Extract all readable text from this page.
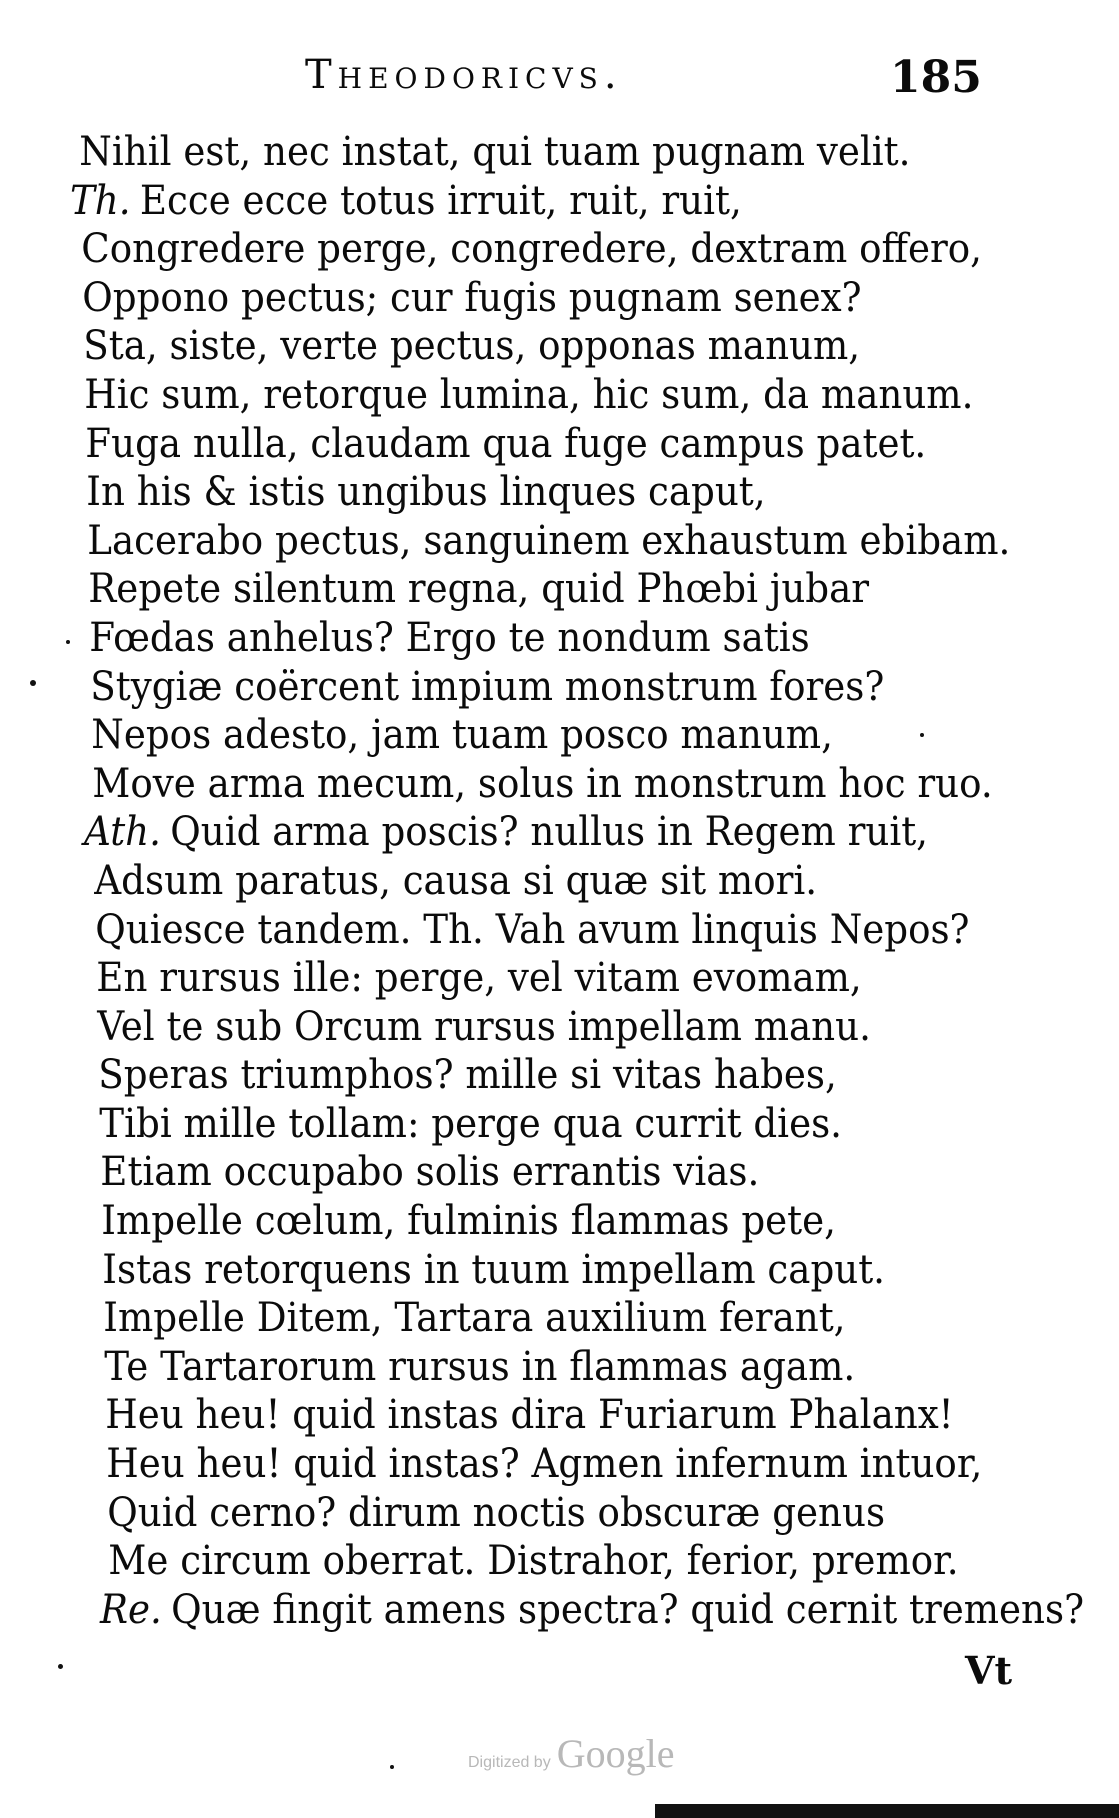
Theodoricvs.	185
Nihil est, nec instat, qui tuam pugnam velit.
Th. Ecce ecce totus irruit, ruit, ruit,
Congredere perge, congredere, dextram offero,
Oppono pectus; cur fugis pugnam senex?
Sta, siste, verte pectus, opponas manum,
Hic sum, retorque lumina, hic sum, da manum.
Fuga nulla, claudam qua fuge campus patet.
In his & istis ungibus linques caput,
Lacerabo pectus, sanguinem exhaustum ebibam.
Repete silentum regna, quid Phœbi jubar
Fœdas anhelus? Ergo te nondum satis
Stygiæ coërcent impium monstrum fores?
Nepos adesto, jam tuam posco manum,
Move arma mecum, solus in monstrum hoc ruo.
Ath. Quid arma poscis? nullus in Regem ruit,
Adsum paratus, causa si quæ sit mori.
Quiesce tandem. Th. Vah avum linquis Nepos?
En rursus ille: perge, vel vitam evomam,
Vel te sub Orcum rursus impellam manu.
Speras triumphos? mille si vitas habes,
Tibi mille tollam: perge qua currit dies.
Etiam occupabo solis errantis vias.
Impelle cœlum, fulminis flammas pete,
Istas retorquens in tuum impellam caput.
Impelle Ditem, Tartara auxilium ferant,
Te Tartarorum rursus in flammas agam.
Heu heu! quid instas dira Furiarum Phalanx!
Heu heu! quid instas? Agmen infernum intuor,
Quid cerno? dirum noctis obscuræ genus
Me circum oberrat. Distrahor, ferior, premor.
Re. Quæ fingit amens spectra? quid cernit tremens?
Vt
Digitized by Google
